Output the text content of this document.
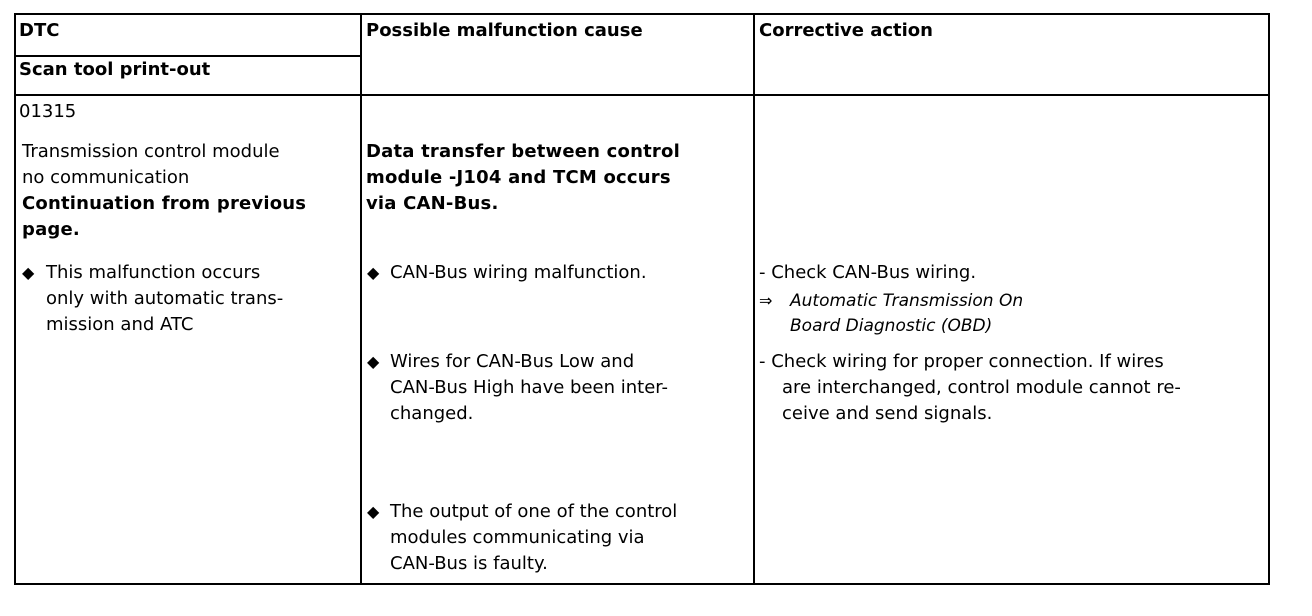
DTC
Scan tool print-out
Possible malfunction cause	Corrective action
01315
Transmission control module
no communication
Continuation from previous
page.
◆ This malfunction occurs
only with automatic trans-
mission and ATC
Data transfer between control
module -J104 and TCM occurs
via CAN-Bus.
◆ CAN-Bus wiring malfunction.
◆ Wires for CAN-Bus Low and
CAN-Bus High have been inter-
changed.
◆ The output of one of the control
modules communicating via
CAN-Bus is faulty.
- Check CAN-Bus wiring.
⇒ Automatic Transmission On
Board Diagnostic (OBD)
- Check wiring for proper connection. If wires
are interchanged, control module cannot re-
ceive and send signals.
